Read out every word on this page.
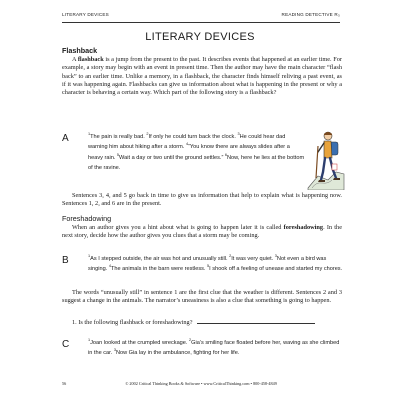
LITERARY DEVICES	READING DETECTIVE R₃
LITERARY DEVICES
Flashback
A flashback is a jump from the present to the past. It describes events that happened at an earlier time. For example, a story may begin with an event in present time. Then the author may have the main character “flash back” to an earlier time. Unlike a memory, in a flashback, the character finds himself reliving a past event, as if it was happening again. Flashbacks can give us information about what is happening in the present or why a character is behaving a certain way. Which part of the following story is a flashback?
A	$^1$The pain is really bad. $^2$If only he could turn back the clock. $^3$He could hear dad warning him about hiking after a storm. $^4$“You know there are always slides after a heavy rain. $^5$Wait a day or two until the ground settles.” $^6$Now, here he lies at the bottom of the ravine.
Sentences 3, 4, and 5 go back in time to give us information that help to explain what is happening now. Sentences 1, 2, and 6 are in the present.
Foreshadowing
When an author gives you a hint about what is going to happen later it is called foreshadowing. In the next story, decide how the author gives you clues that a storm may be coming.
B	$^1$As I stepped outside, the air was hot and unusually still. $^2$It was very quiet. $^3$Not even a bird was singing. $^4$The animals in the barn were restless. $^5$I shook off a feeling of unease and started my chores.
The words “unusually still” in sentence 1 are the first clue that the weather is different. Sentences 2 and 3 suggest a change in the animals. The narrator’s uneasiness is also a clue that something is going to happen.
1. Is the following flashback or foreshadowing?
C	$^1$Joan looked at the crumpled wreckage. $^2$Gia’s smiling face floated before her, waving as she climbed in the car. $^3$Now Gia lay in the ambulance, fighting for her life.
56	© 2002 Critical Thinking Books & Software • www.CriticalThinking.com • 800-458-4849
